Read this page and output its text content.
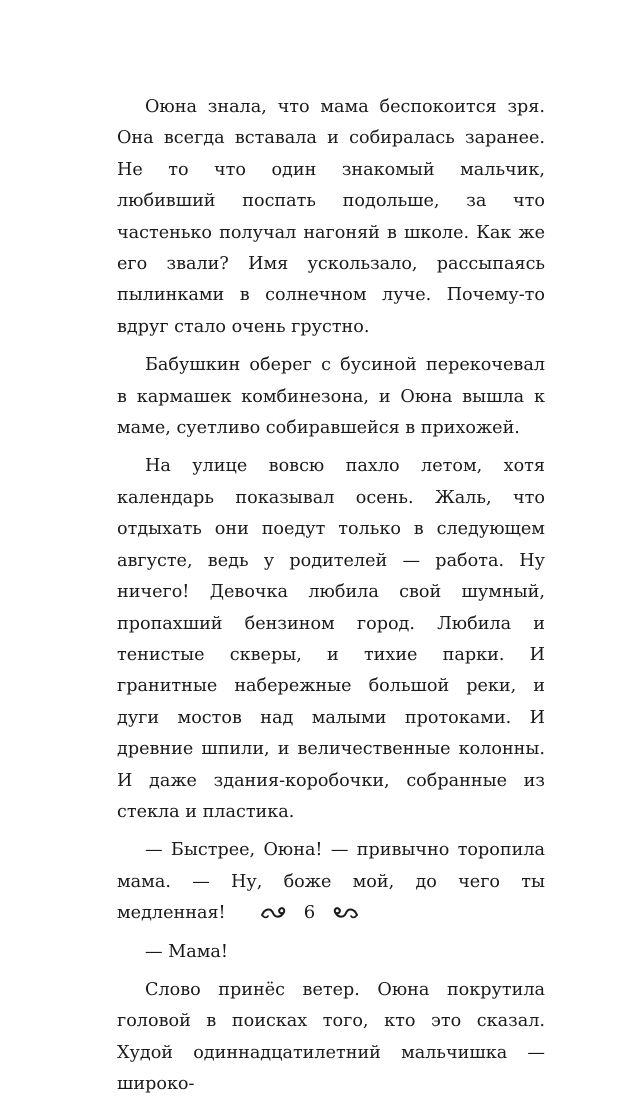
Оюна знала, что мама беспокоится зря. Она всегда вставала и собиралась заранее. Не то что один знакомый мальчик, любивший поспать подольше, за что частенько получал нагоняй в школе. Как же его звали? Имя ускользало, рассыпаясь пылинками в солнечном луче. Почему-то вдруг стало очень грустно.

Бабушкин оберег с бусиной перекочевал в кармашек комбинезона, и Оюна вышла к маме, суетливо собиравшейся в прихожей.

На улице вовсю пахло летом, хотя календарь показывал осень. Жаль, что отдыхать они поедут только в следующем августе, ведь у родителей — работа. Ну ничего! Девочка любила свой шумный, пропахший бензином город. Любила и тенистые скверы, и тихие парки. И гранитные набережные большой реки, и дуги мостов над малыми протоками. И древние шпили, и величественные колонны. И даже здания-коробочки, собранные из стекла и пластика.

— Быстрее, Оюна! — привычно торопила мама. — Ну, боже мой, до чего ты медленная!

— Мама!

Слово принёс ветер. Оюна покрутила головой в поисках того, кто это сказал. Худой одиннадцатилетний мальчишка — широко-

6
